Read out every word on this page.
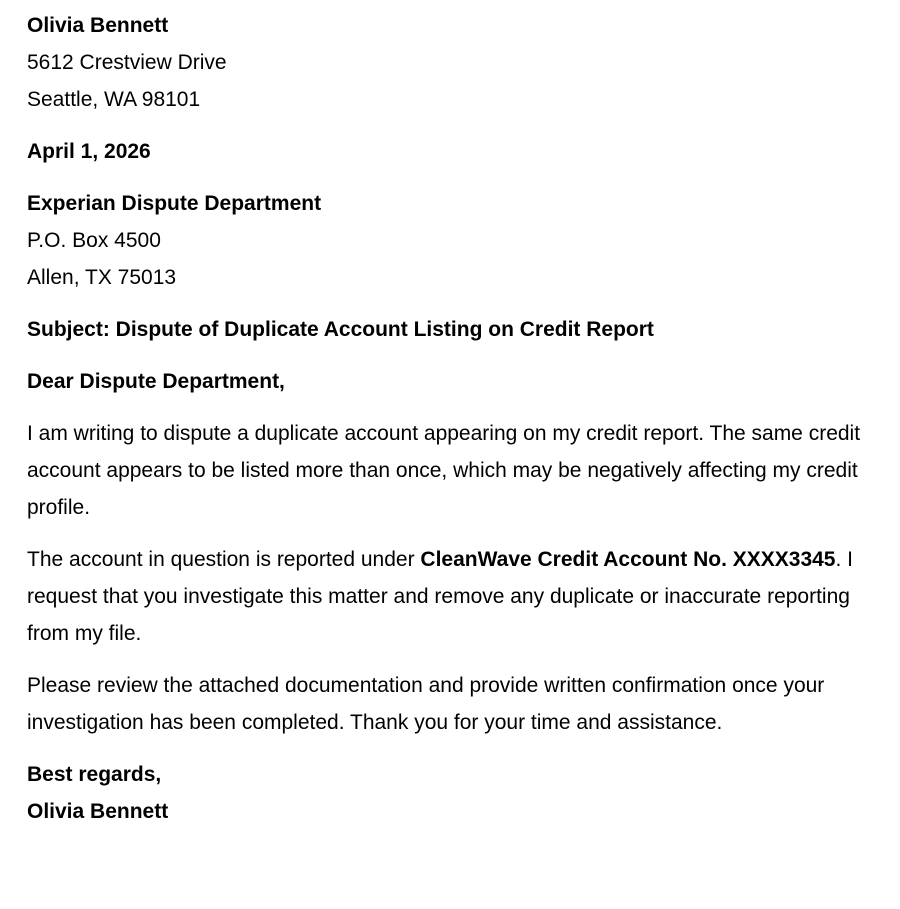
Olivia Bennett
5612 Crestview Drive
Seattle, WA 98101

April 1, 2026

Experian Dispute Department
P.O. Box 4500
Allen, TX 75013

Subject: Dispute of Duplicate Account Listing on Credit Report

Dear Dispute Department,

I am writing to dispute a duplicate account appearing on my credit report. The same credit account appears to be listed more than once, which may be negatively affecting my credit profile.

The account in question is reported under CleanWave Credit Account No. XXXX3345. I request that you investigate this matter and remove any duplicate or inaccurate reporting from my file.

Please review the attached documentation and provide written confirmation once your investigation has been completed. Thank you for your time and assistance.

Best regards,
Olivia Bennett
